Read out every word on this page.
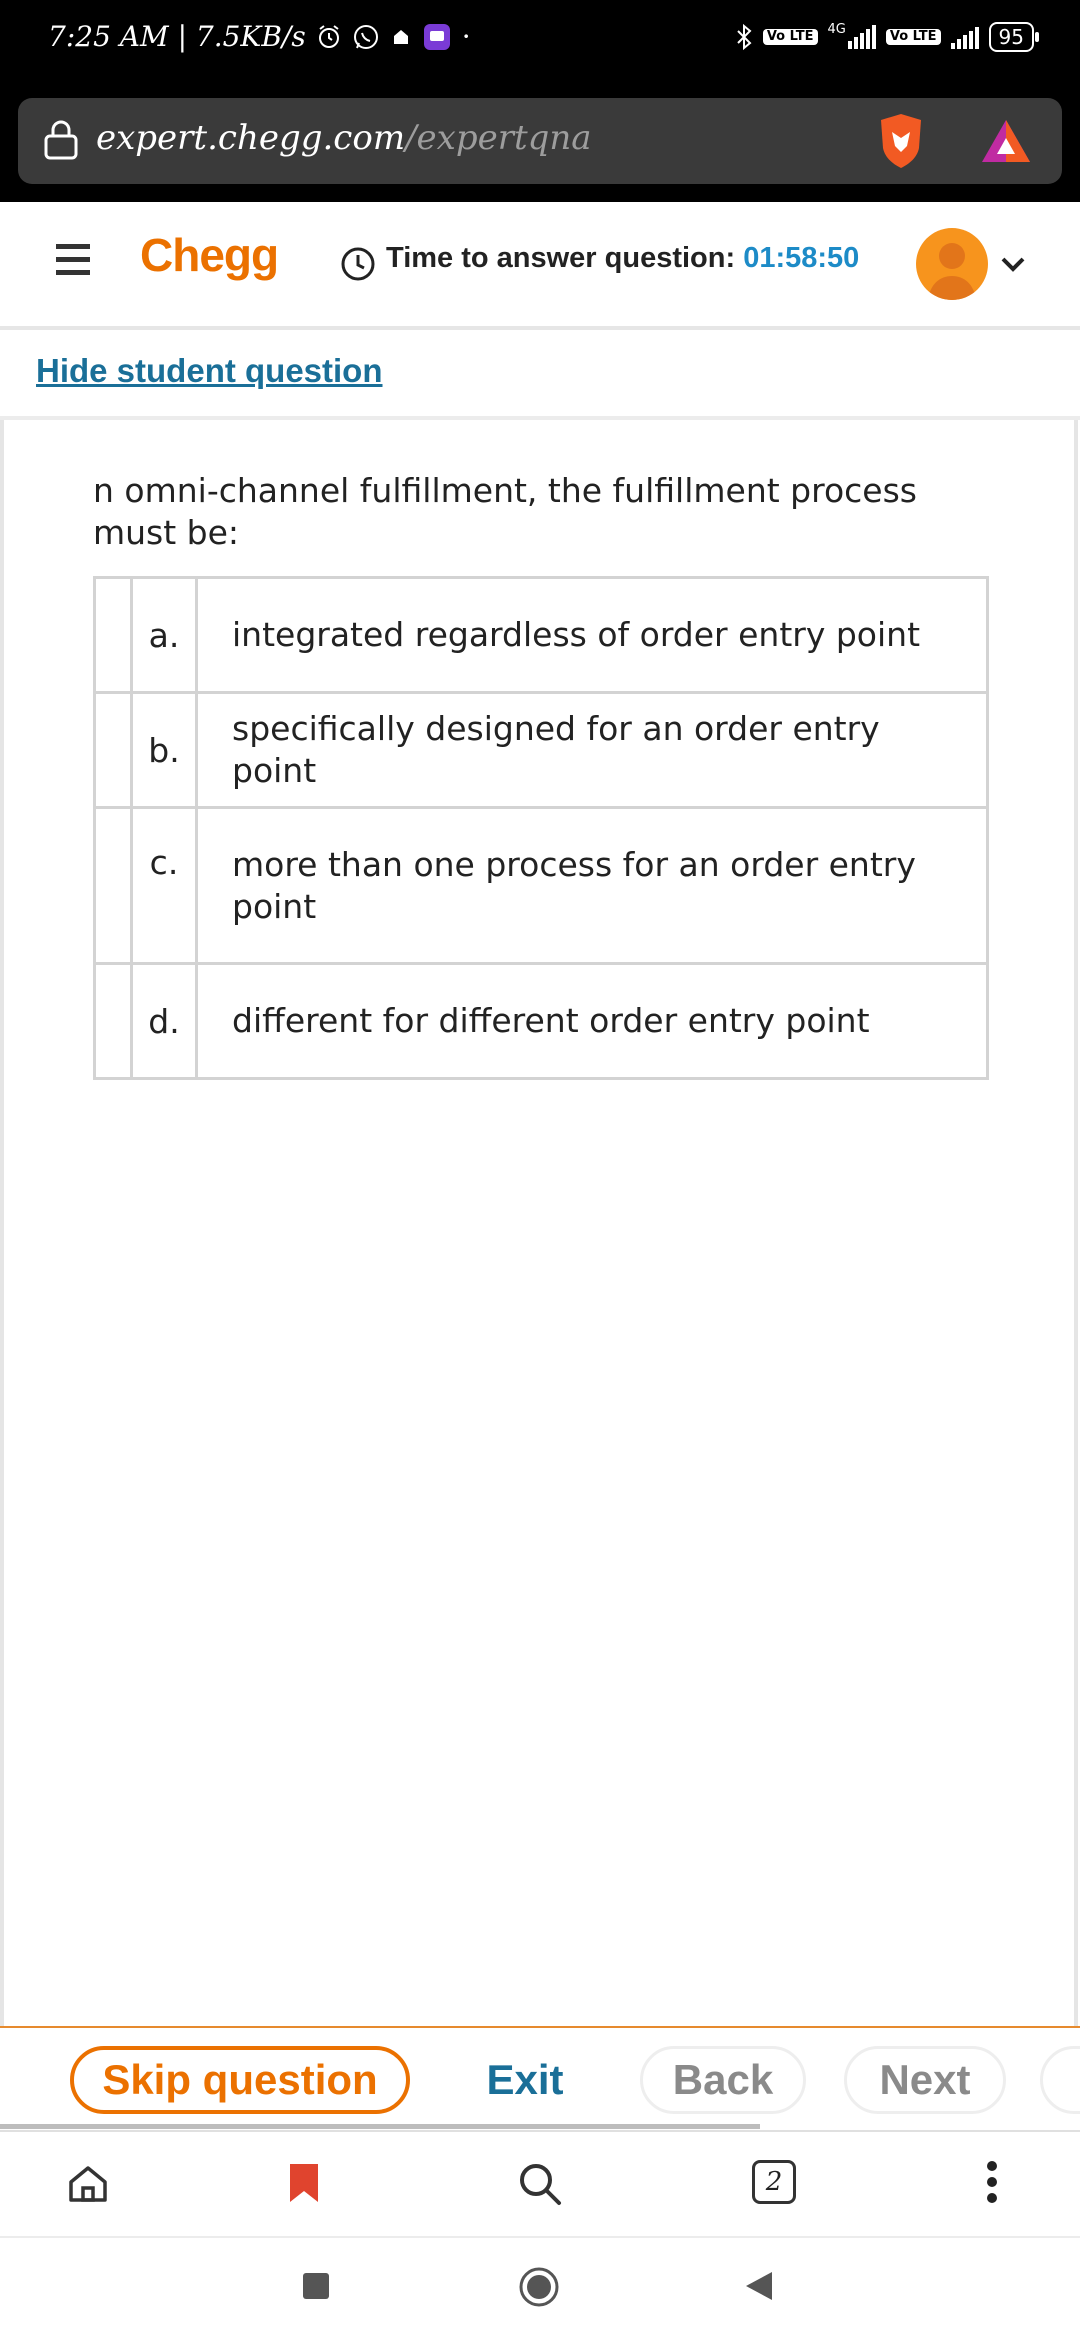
7:25 AM | 7.5KB/s	·	Vo LTE	4G	Vo LTE	95
expert.chegg.com/expertqna
Chegg	Time to answer question: 01:58:50
Hide student question
n omni-channel fulfillment, the fulfillment process must be:
	a.	integrated regardless of order entry point
	b.	specifically designed for an order entry point
	c.	more than one process for an order entry point
	d.	different for different order entry point
Skip question	Exit	Back	Next
2
